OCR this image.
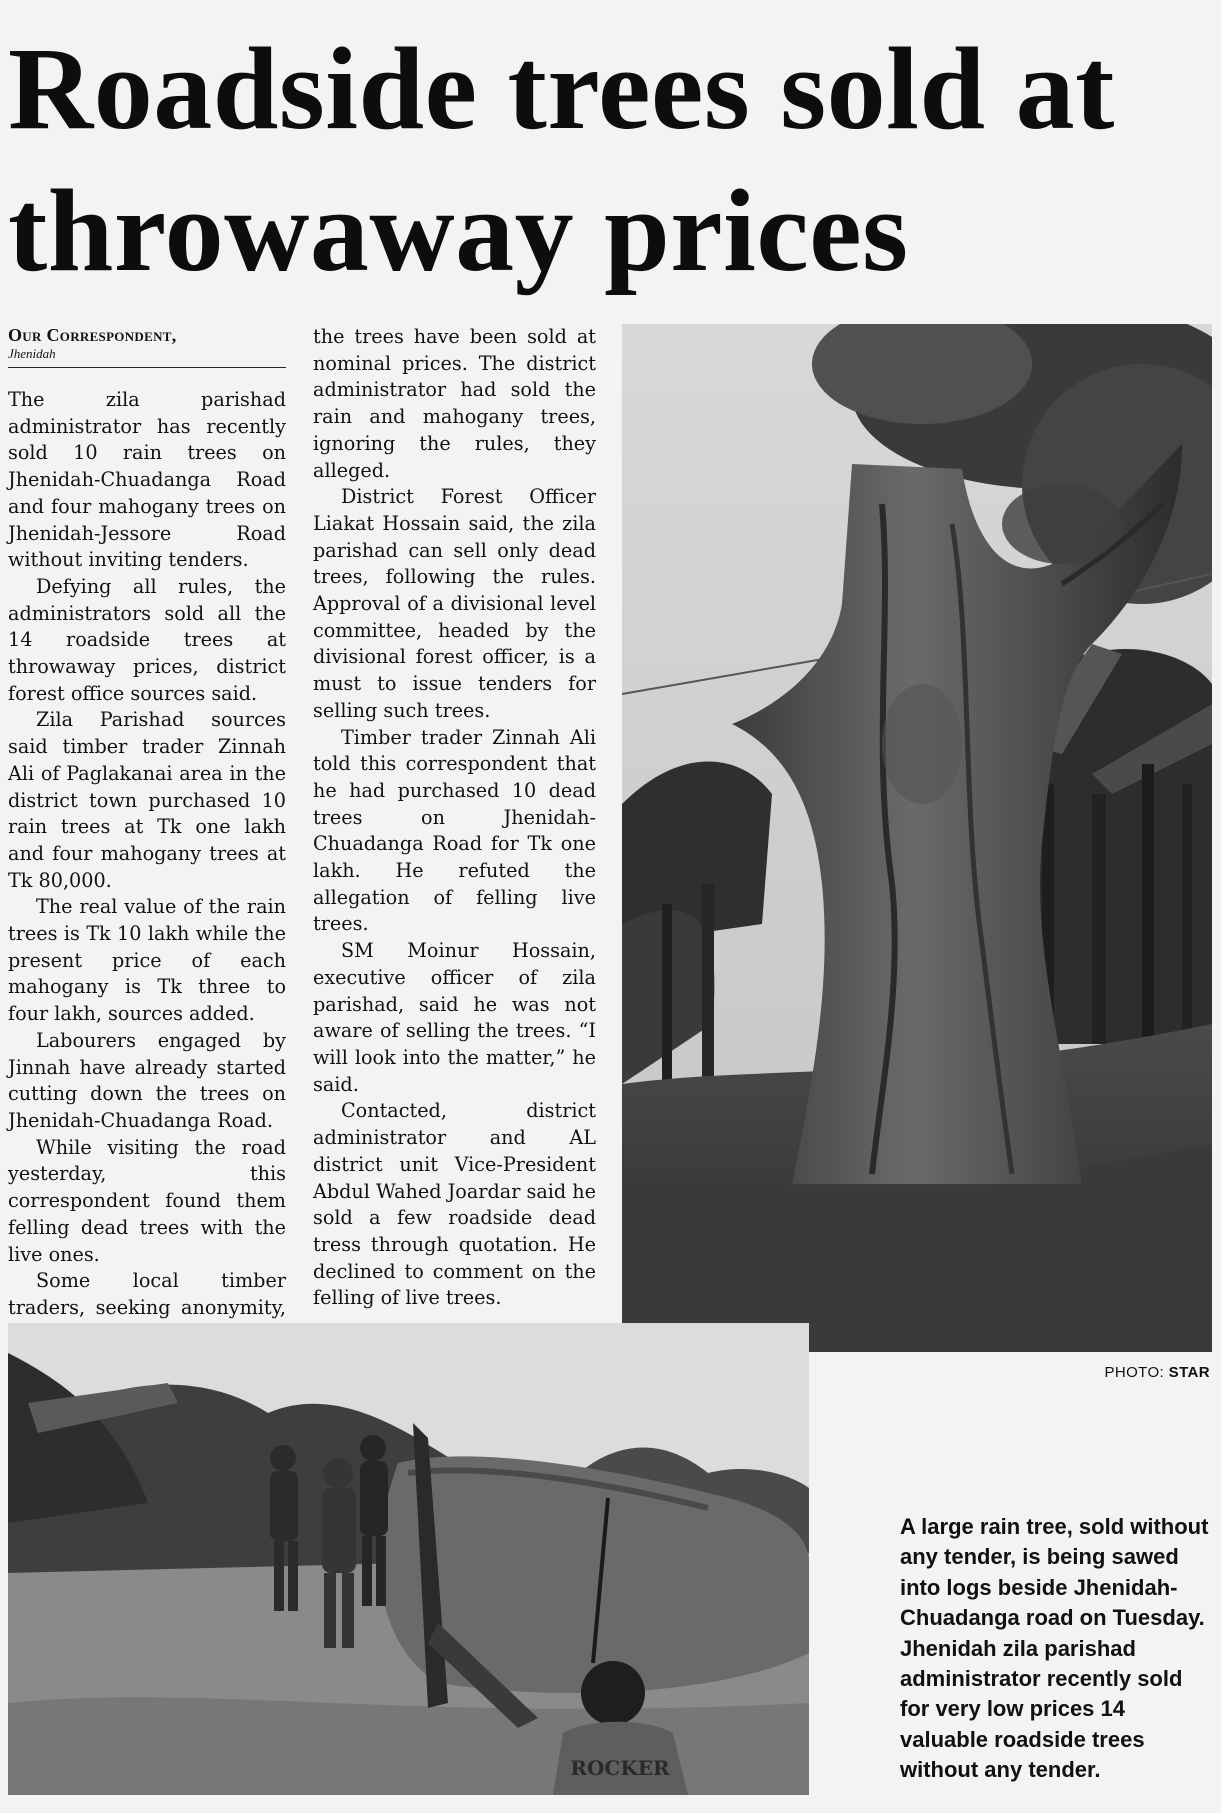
Roadside trees sold at throwaway prices
Our Correspondent,
Jhenidah

The zila parishad administrator has recently sold 10 rain trees on Jhenidah-Chuadanga Road and four mahogany trees on Jhenidah-Jessore Road without inviting tenders.

Defying all rules, the administrators sold all the 14 roadside trees at throwaway prices, district forest office sources said.

Zila Parishad sources said timber trader Zinnah Ali of Paglakanai area in the district town purchased 10 rain trees at Tk one lakh and four mahogany trees at Tk 80,000.

The real value of the rain trees is Tk 10 lakh while the present price of each mahogany is Tk three to four lakh, sources added.

Labourers engaged by Jinnah have already started cutting down the trees on Jhenidah-Chuadanga Road.

While visiting the road yesterday, this correspondent found them felling dead trees with the live ones.

Some local timber traders, seeking anonymity,

the trees have been sold at nominal prices. The district administrator had sold the rain and mahogany trees, ignoring the rules, they alleged.

District Forest Officer Liakat Hossain said, the zila parishad can sell only dead trees, following the rules. Approval of a divisional level committee, headed by the divisional forest officer, is a must to issue tenders for selling such trees.

Timber trader Zinnah Ali told this correspondent that he had purchased 10 dead trees on Jhenidah-Chuadanga Road for Tk one lakh. He refuted the allegation of felling live trees.

SM Moinur Hossain, executive officer of zila parishad, said he was not aware of selling the trees. “I will look into the matter,” he said.

Contacted, district administrator and AL district unit Vice-President Abdul Wahed Joardar said he sold a few roadside dead tress through quotation. He declined to comment on the felling of live trees.

PHOTO: STAR
ROCKER
A large rain tree, sold without any tender, is being sawed into logs beside Jhenidah-Chuadanga road on Tuesday. Jhenidah zila parishad administrator recently sold for very low prices 14 valuable roadside trees without any tender.
